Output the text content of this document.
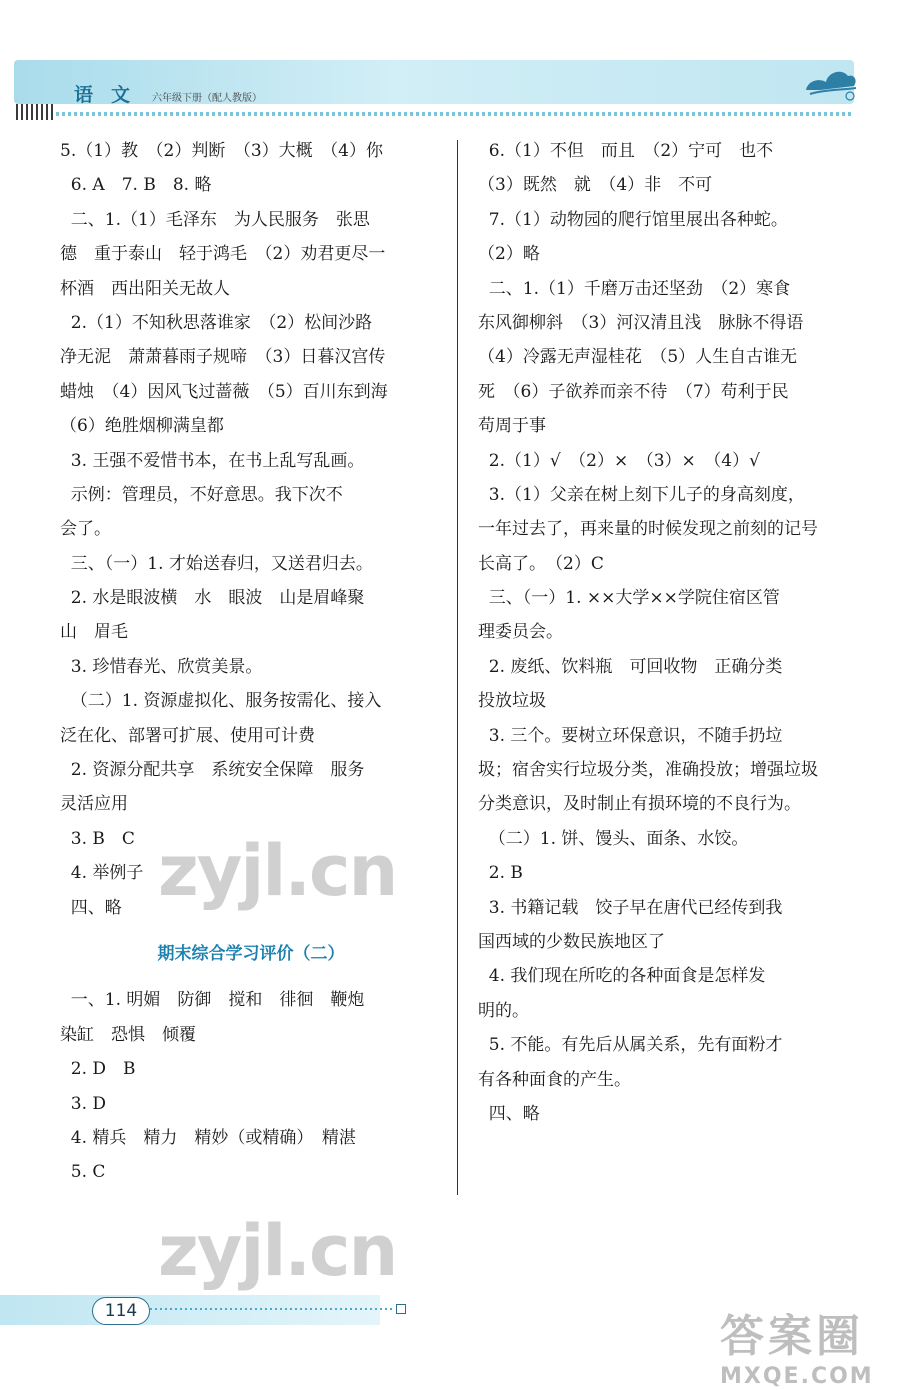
语文 六年级下册（配人教版）
5.（1）教　（2）判断　（3）大概　（4）你
6. A　7. B　8. 略
二、1.（1）毛泽东　为人民服务　张思
德　重于泰山　轻于鸿毛　（2）劝君更尽一
杯酒　西出阳关无故人
2.（1）不知秋思落谁家　（2）松间沙路
净无泥　萧萧暮雨子规啼　（3）日暮汉宫传
蜡烛　（4）因风飞过蔷薇　（5）百川东到海
（6）绝胜烟柳满皇都
3. 王强不爱惜书本，在书上乱写乱画。
示例：管理员，不好意思。我下次不
会了。
三、（一）1. 才始送春归，又送君归去。
2. 水是眼波横　水　眼波　山是眉峰聚
山　眉毛
3. 珍惜春光、欣赏美景。
（二）1. 资源虚拟化、服务按需化、接入
泛在化、部署可扩展、使用可计费
2. 资源分配共享　系统安全保障　服务
灵活应用
3. B　C
4. 举例子
四、略
期末综合学习评价（二）
一、1. 明媚　防御　搅和　徘徊　鞭炮
染缸　恐惧　倾覆
2. D　B
3. D
4. 精兵　精力　精妙（或精确）　精湛
5. C
6.（1）不但　而且　（2）宁可　也不
（3）既然　就　（4）非　不可
7.（1）动物园的爬行馆里展出各种蛇。
（2）略
二、1.（1）千磨万击还坚劲　（2）寒食
东风御柳斜　（3）河汉清且浅　脉脉不得语
（4）冷露无声湿桂花　（5）人生自古谁无
死　（6）子欲养而亲不待　（7）苟利于民
苟周于事
2.（1）√　（2）×　（3）×　（4）√
3.（1）父亲在树上刻下儿子的身高刻度，
一年过去了，再来量的时候发现之前刻的记号
长高了。　（2）C
三、（一）1. ××大学××学院住宿区管
理委员会。
2. 废纸、饮料瓶　可回收物　正确分类
投放垃圾
3. 三个。要树立环保意识，不随手扔垃
圾；宿舍实行垃圾分类，准确投放；增强垃圾
分类意识，及时制止有损环境的不良行为。
（二）1. 饼、馒头、面条、水饺。
2. B
3. 书籍记载　饺子早在唐代已经传到我
国西域的少数民族地区了
4. 我们现在所吃的各种面食是怎样发
明的。
5. 不能。有先后从属关系，先有面粉才
有各种面食的产生。
四、略
zyjl.cn
zyjl.cn
114	答案圈
MXQE.COM
